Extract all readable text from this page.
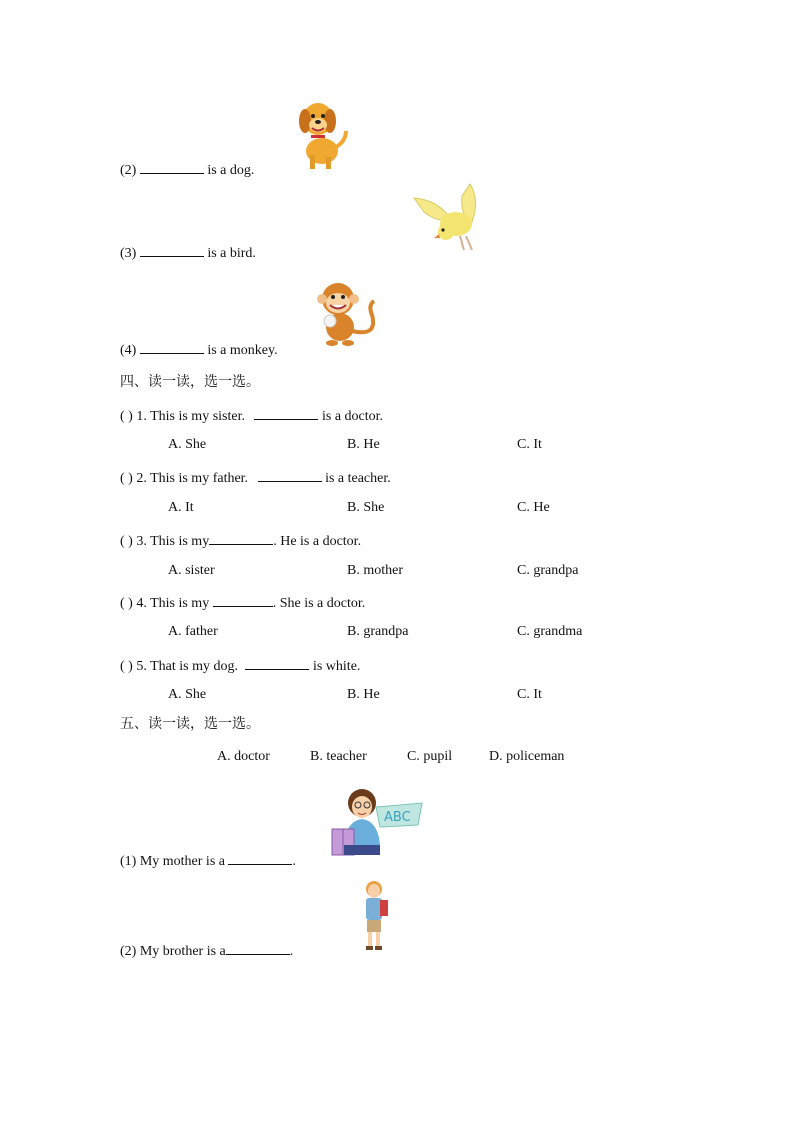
(2)	is a dog.
(3)	is a bird.
(4)	is a monkey.
四、读一读，选一选。
( ) 1. This is my sister.	is a doctor.
A. She	B. He	C. It
( ) 2. This is my father.	is a teacher.
A. It	B. She	C. He
( ) 3. This is my	. He is a doctor.
A. sister	B. mother	C. grandpa
( ) 4. This is my	. She is a doctor.
A. father	B. grandpa	C. grandma
( ) 5. That is my dog.	is white.
A. She	B. He	C. It
五、读一读，选一选。
A. doctor	B. teacher	C. pupil	D. policeman
ABC
(1) My mother is a	.
(2) My brother is a	.
